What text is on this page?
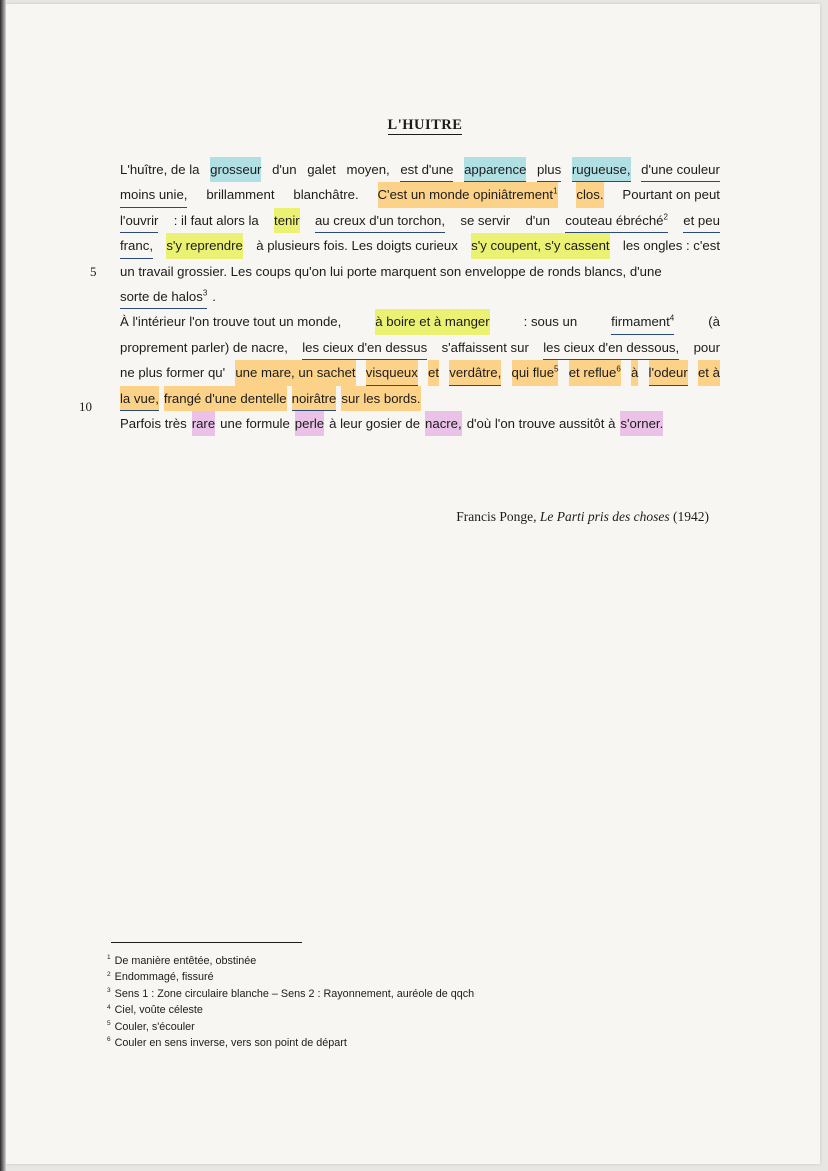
L'HUITRE
5
10
L'huître, de la grosseur d'un galet moyen, est d'une apparence plus rugueuse, d'une couleur
moins unie, brillamment blanchâtre. C'est un monde opiniâtrement$^1$ clos. Pourtant on peut
l'ouvrir : il faut alors la tenir au creux d'un torchon, se servir d'un couteau ébréché$^2$ et peu
franc, s'y reprendre à plusieurs fois. Les doigts curieux s'y coupent, s'y cassent les ongles : c'est
un travail grossier. Les coups qu'on lui porte marquent son enveloppe de ronds blancs, d'une
sorte de halos$^3$ .
À l'intérieur l'on trouve tout un monde,	à boire et à manger	: sous un	firmament$^4$	(à
proprement parler) de nacre, les cieux d'en dessus s'affaissent sur les cieux d'en dessous, pour
ne plus former qu' une mare, un sachet visqueux et verdâtre, qui flue$^5$ et reflue$^6$ à l'odeur et à
la vue, frangé d'une dentelle noirâtre sur les bords.
Parfois très rare une formule perle à leur gosier de nacre, d'où l'on trouve aussitôt à s'orner.
Francis Ponge, Le Parti pris des choses (1942)
$^1$ De manière entêtée, obstinée
$^2$ Endommagé, fissuré
$^3$ Sens 1 : Zone circulaire blanche – Sens 2 : Rayonnement, auréole de qqch
$^4$ Ciel, voûte céleste
$^5$ Couler, s'écouler
$^6$ Couler en sens inverse, vers son point de départ
